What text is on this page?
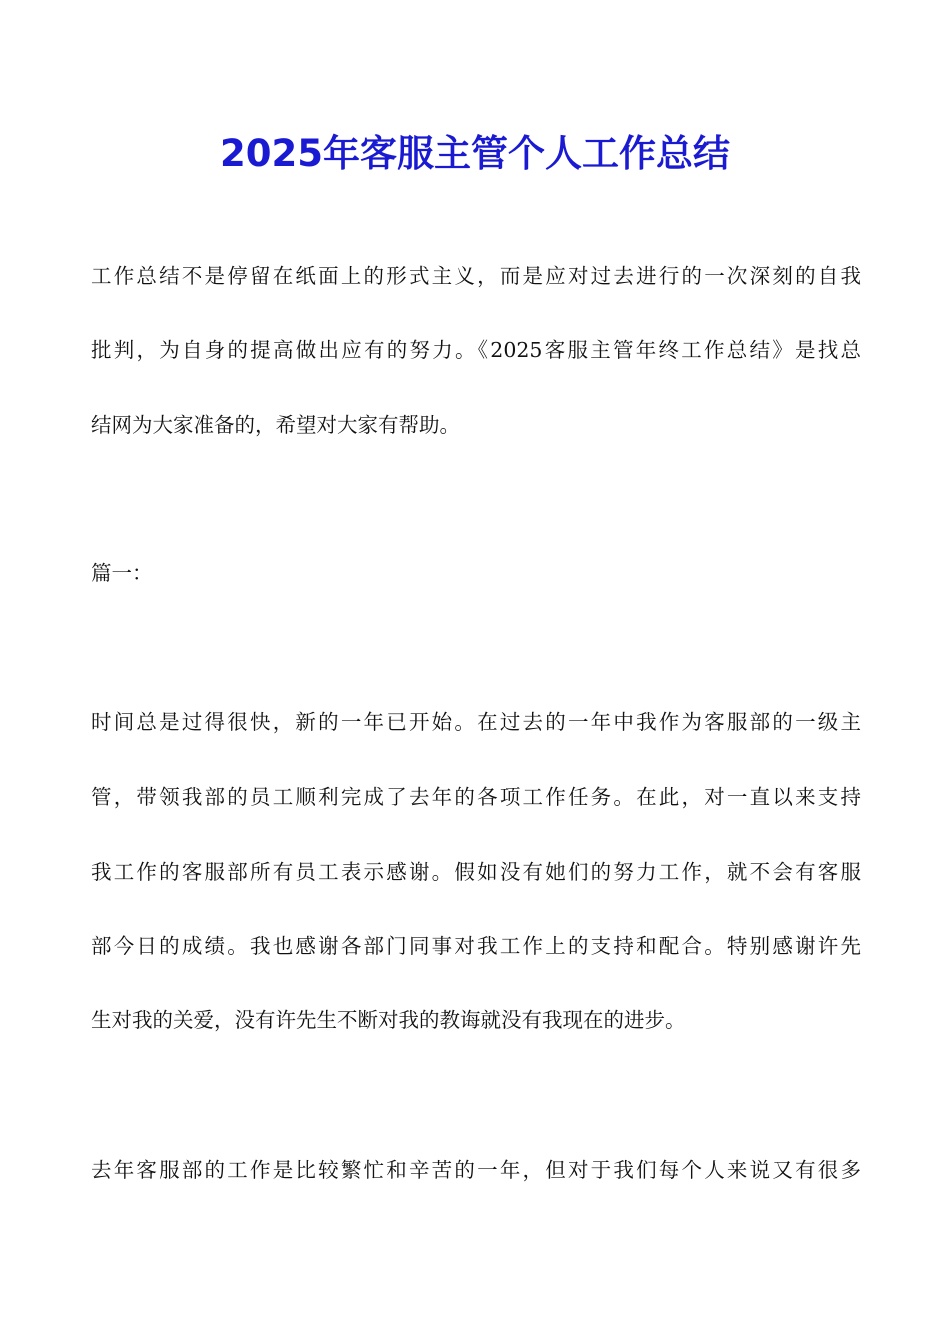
2025年客服主管个人工作总结

工作总结不是停留在纸面上的形式主义，而是应对过去进行的一次深刻的自我

批判，为自身的提高做出应有的努力。《2025客服主管年终工作总结》是找总

结网为大家准备的，希望对大家有帮助。

篇一：

时间总是过得很快，新的一年已开始。在过去的一年中我作为客服部的一级主

管，带领我部的员工顺利完成了去年的各项工作任务。在此，对一直以来支持

我工作的客服部所有员工表示感谢。假如没有她们的努力工作，就不会有客服

部今日的成绩。我也感谢各部门同事对我工作上的支持和配合。特别感谢许先

生对我的关爱，没有许先生不断对我的教诲就没有我现在的进步。

去年客服部的工作是比较繁忙和辛苦的一年，但对于我们每个人来说又有很多
